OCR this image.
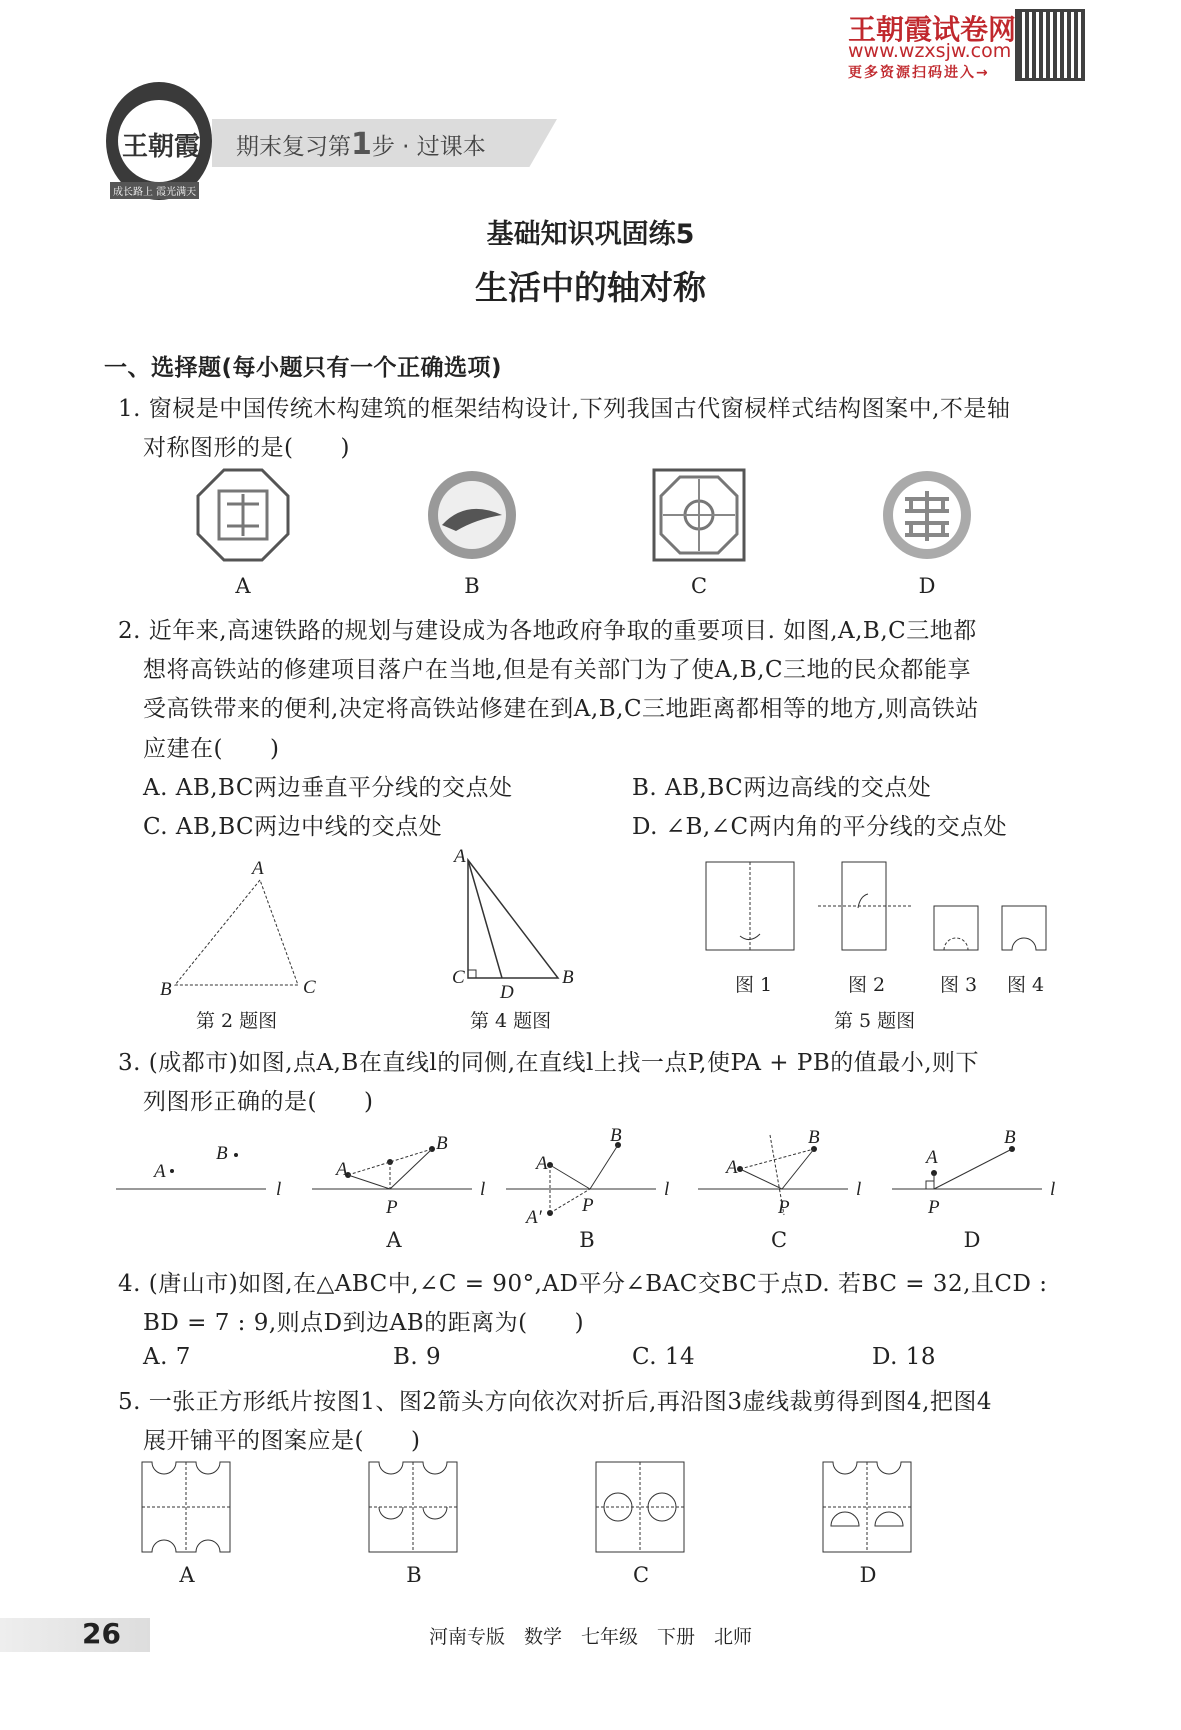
王朝霞试卷网
www.wzxsjw.com
更多资源扫码进入→
王朝霞
成长路上 霞光满天
期末复习第1步 · 过课本
基础知识巩固练5
生活中的轴对称
一、选择题(每小题只有一个正确选项)
1. 窗棂是中国传统木构建筑的框架结构设计,下列我国古代窗棂样式结构图案中,不是轴
对称图形的是(　　)
A	B	C	D
2. 近年来,高速铁路的规划与建设成为各地政府争取的重要项目. 如图,A,B,C三地都
想将高铁站的修建项目落户在当地,但是有关部门为了使A,B,C三地的民众都能享
受高铁带来的便利,决定将高铁站修建在到A,B,C三地距离都相等的地方,则高铁站
应建在(　　)
A. AB,BC两边垂直平分线的交点处	B. AB,BC两边高线的交点处
C. AB,BC两边中线的交点处	D. ∠B,∠C两内角的平分线的交点处
A
B	C
第 2 题图
A
C
D
B
第 4 题图
图 1	图 2	图 3 图 4
第 5 题图
3. (成都市)如图,点A,B在直线l的同侧,在直线l上找一点P,使PA + PB的值最小,则下
列图形正确的是(　　)
A
B
l
A
B
P
l
A
B
P
A′
l
A
B
P
l
A
B
P
l
A	B	C	D
4. (唐山市)如图,在△ABC中,∠C = 90°,AD平分∠BAC交BC于点D. 若BC = 32,且CD :
BD = 7 : 9,则点D到边AB的距离为(　　)
A. 7	B. 9	C. 14	D. 18
5. 一张正方形纸片按图1、图2箭头方向依次对折后,再沿图3虚线裁剪得到图4,把图4
展开铺平的图案应是(　　)
A	B	C	D
26	河南专版　数学　七年级　下册　北师
